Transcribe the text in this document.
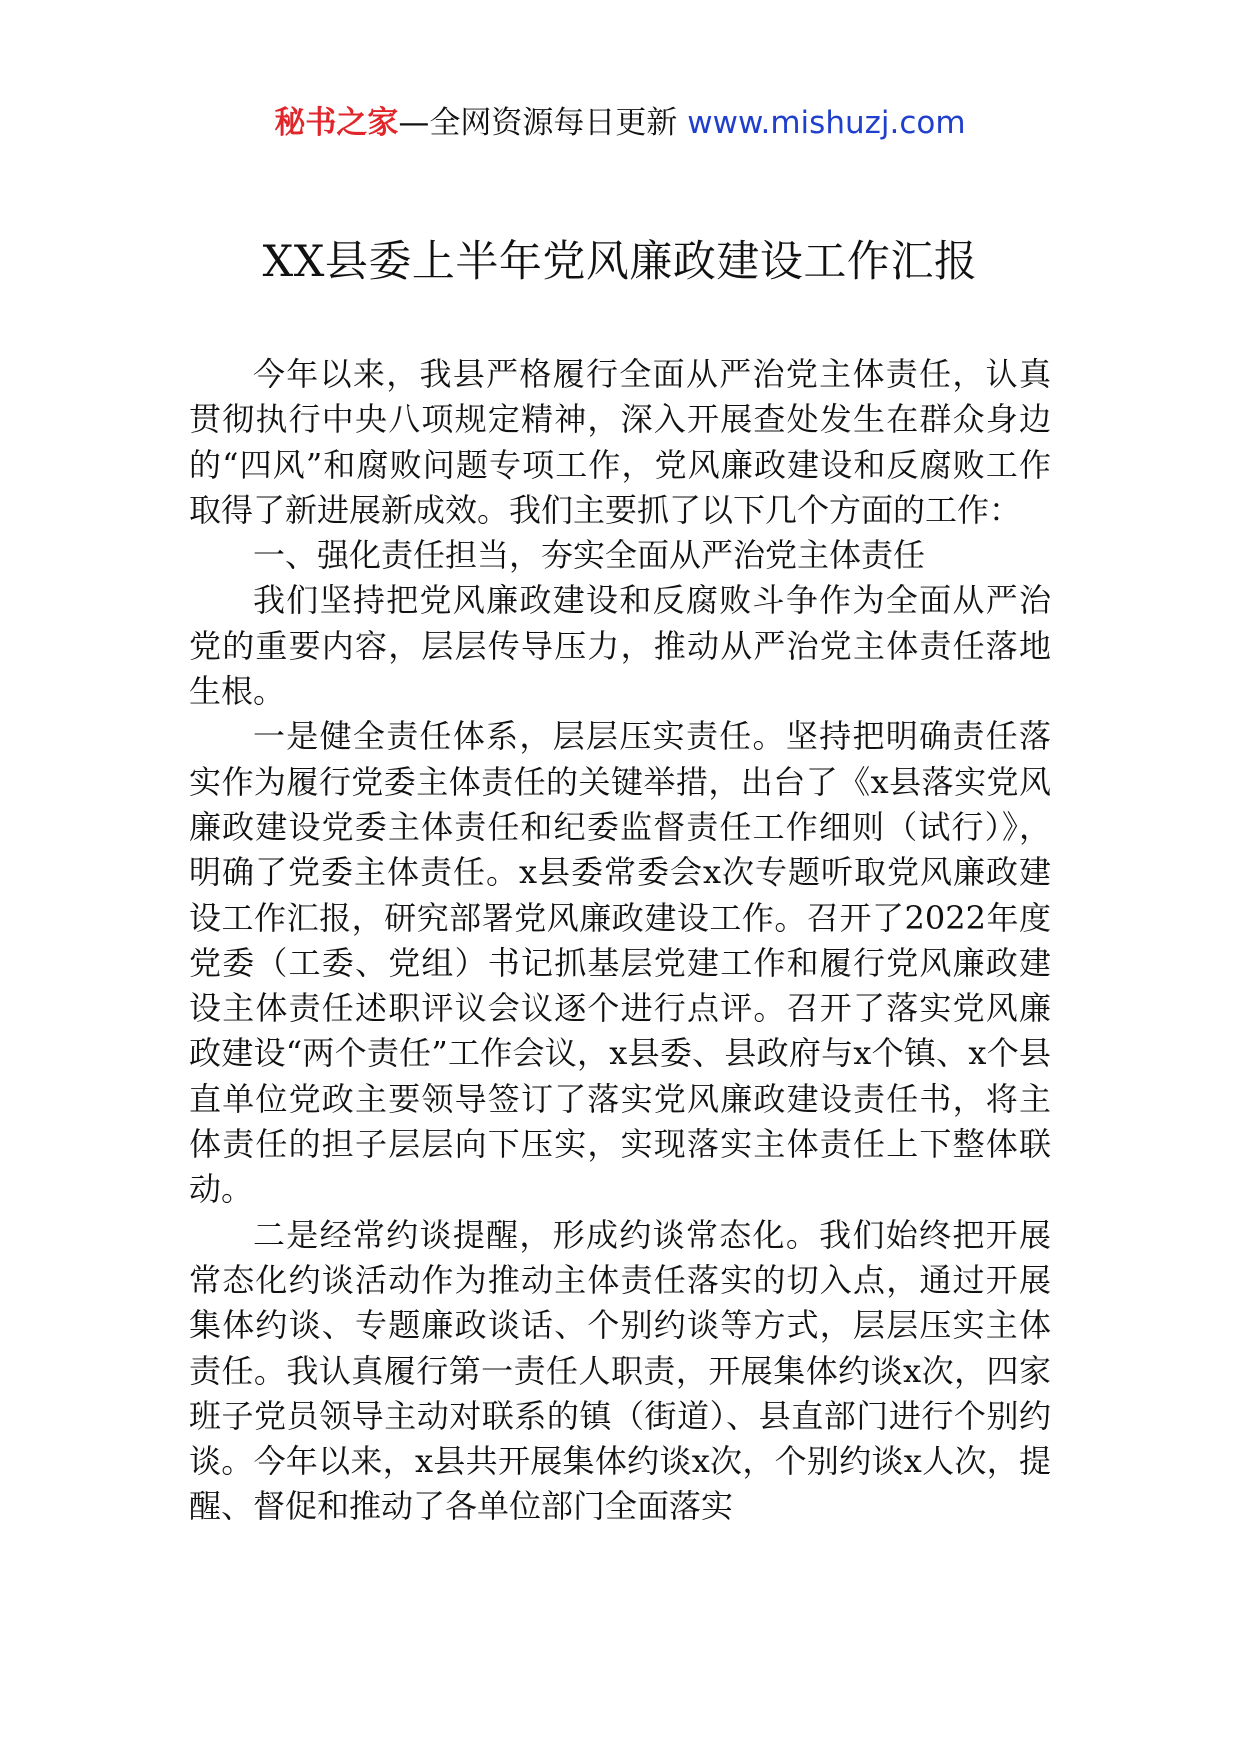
秘书之家—全网资源每日更新 www.mishuzj.com
XX县委上半年党风廉政建设工作汇报

今年以来，我县严格履行全面从严治党主体责任，认真贯彻执行中央八项规定精神，深入开展查处发生在群众身边的“四风”和腐败问题专项工作，党风廉政建设和反腐败工作取得了新进展新成效。我们主要抓了以下几个方面的工作：

一、强化责任担当，夯实全面从严治党主体责任

我们坚持把党风廉政建设和反腐败斗争作为全面从严治党的重要内容，层层传导压力，推动从严治党主体责任落地生根。

一是健全责任体系，层层压实责任。坚持把明确责任落实作为履行党委主体责任的关键举措，出台了《x县落实党风廉政建设党委主体责任和纪委监督责任工作细则（试行）》，明确了党委主体责任。x县委常委会x次专题听取党风廉政建设工作汇报，研究部署党风廉政建设工作。召开了2022年度党委（工委、党组）书记抓基层党建工作和履行党风廉政建设主体责任述职评议会议逐个进行点评。召开了落实党风廉政建设“两个责任”工作会议，x县委、县政府与x个镇、x个县直单位党政主要领导签订了落实党风廉政建设责任书，将主体责任的担子层层向下压实，实现落实主体责任上下整体联动。

二是经常约谈提醒，形成约谈常态化。我们始终把开展常态化约谈活动作为推动主体责任落实的切入点，通过开展集体约谈、专题廉政谈话、个别约谈等方式，层层压实主体责任。我认真履行第一责任人职责，开展集体约谈x次，四家班子党员领导主动对联系的镇（街道）、县直部门进行个别约谈。今年以来，x县共开展集体约谈x次，个别约谈x人次，提醒、督促和推动了各单位部门全面落实
